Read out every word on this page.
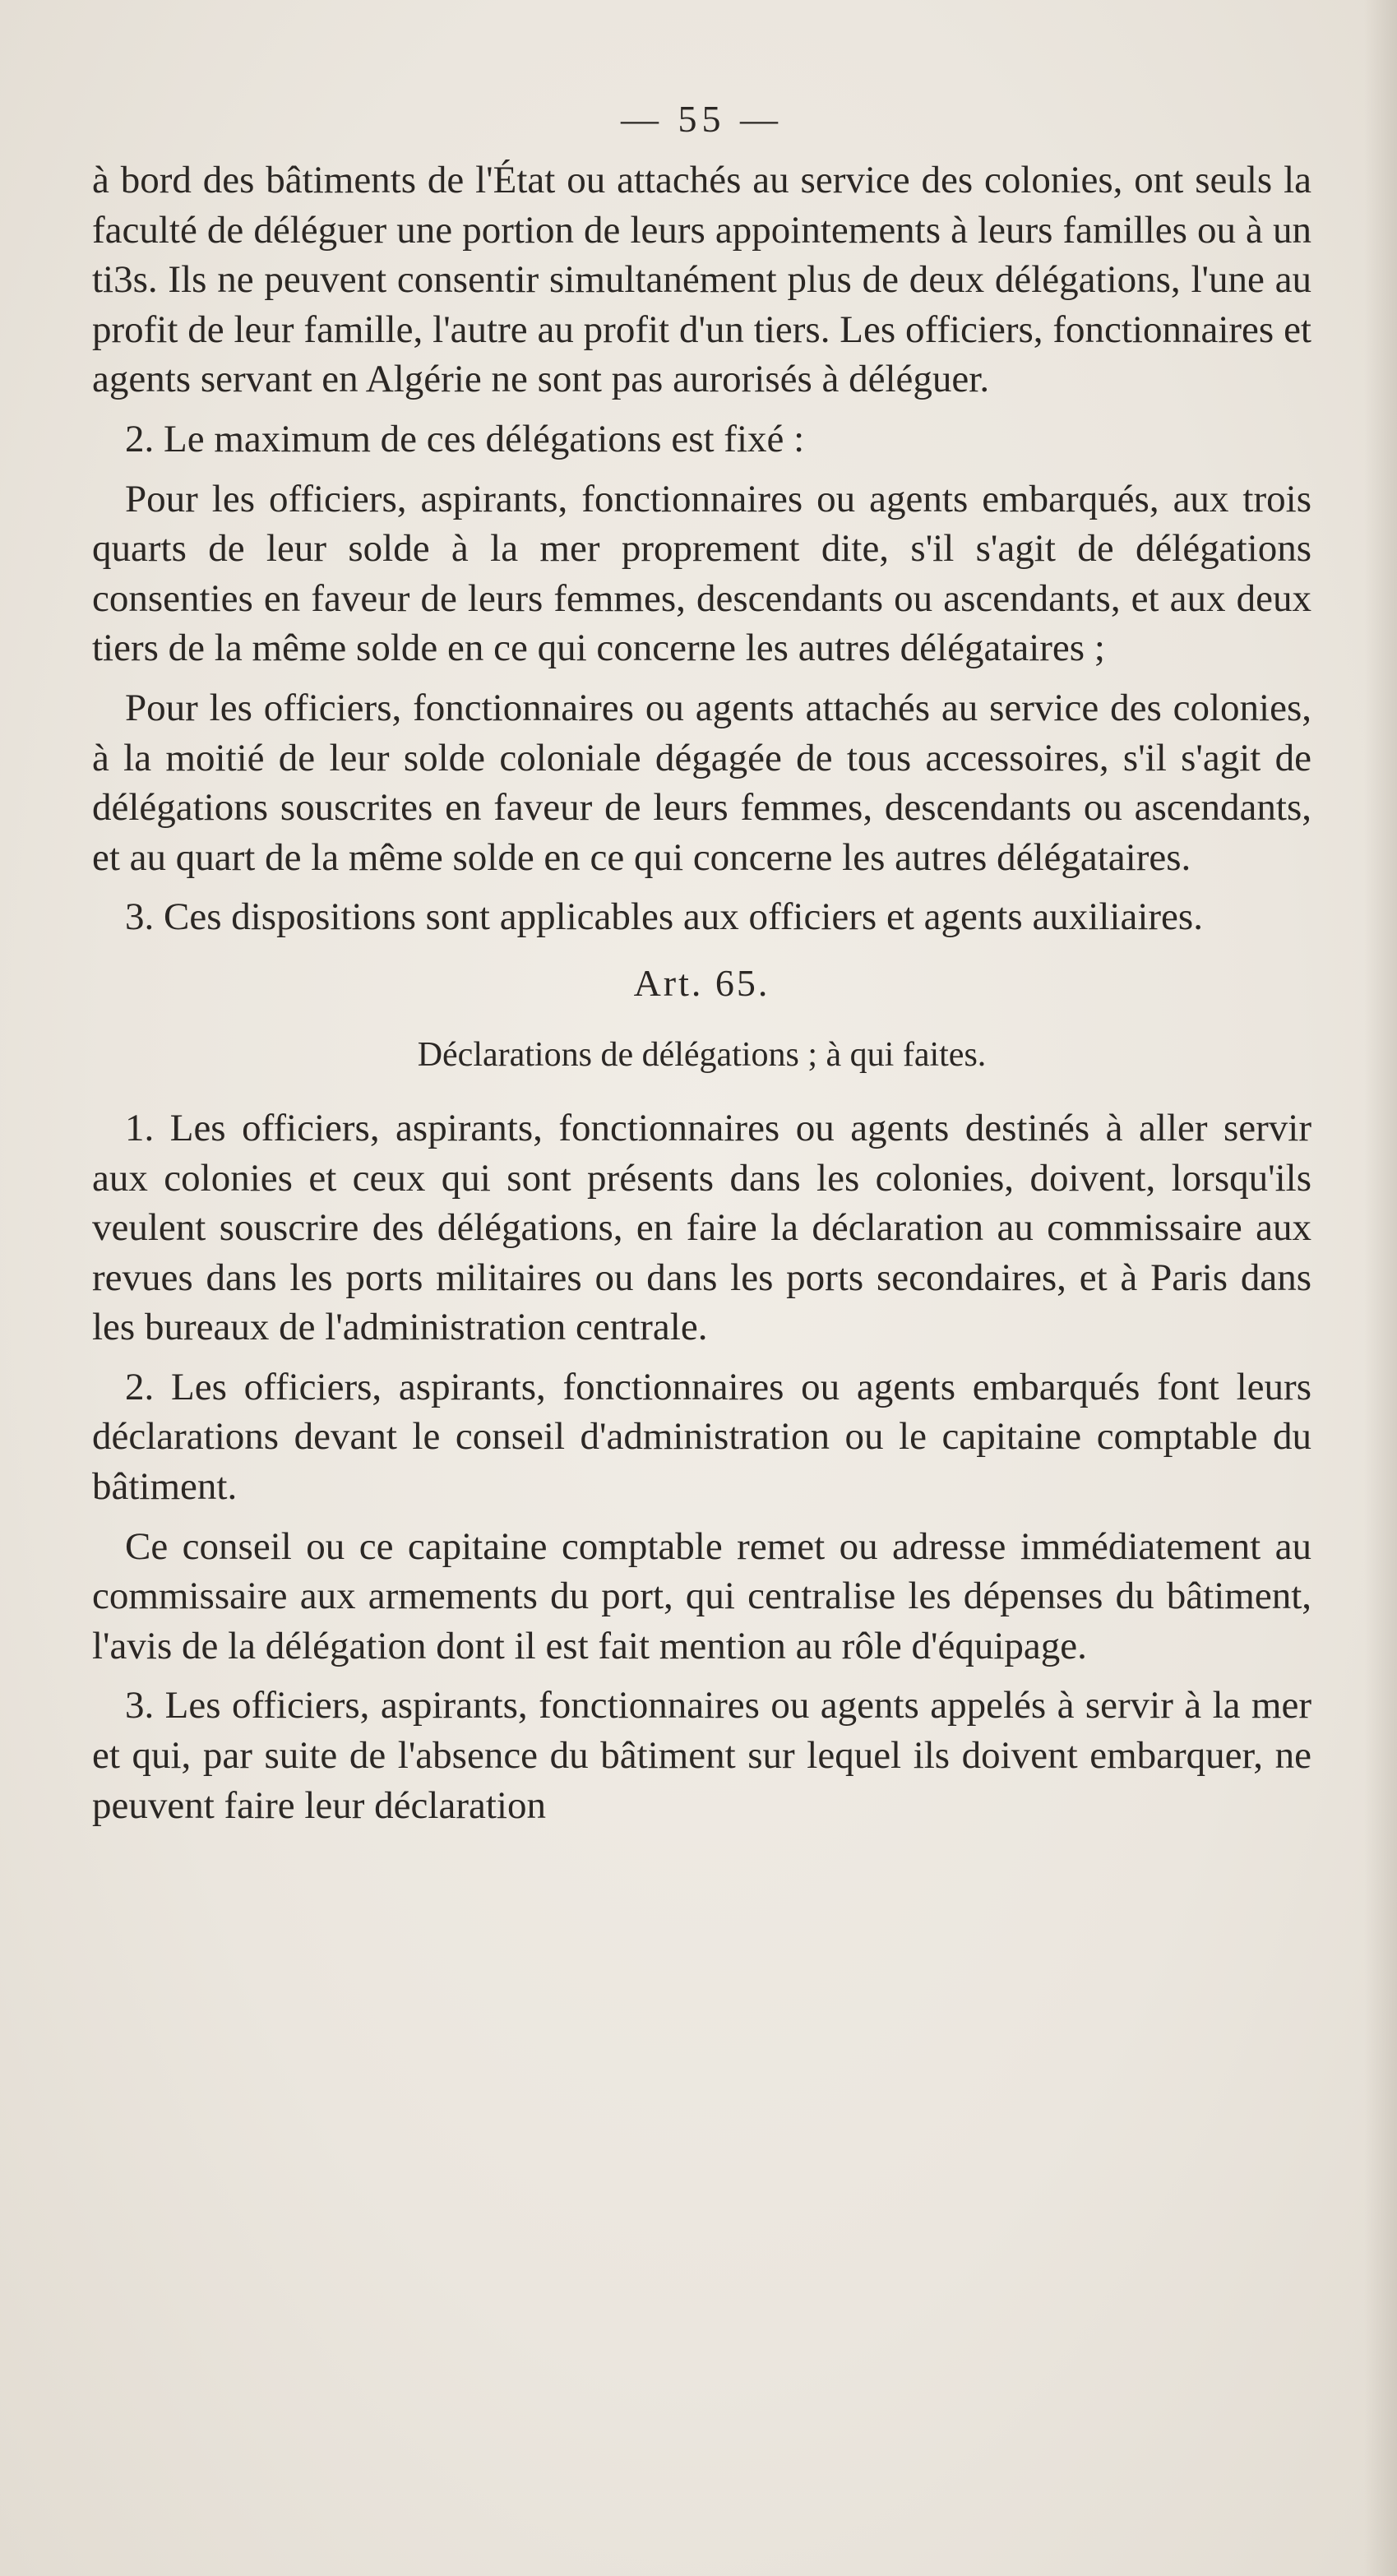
— 55 —

à bord des bâtiments de l'État ou attachés au service des colonies, ont seuls la faculté de déléguer une portion de leurs appointements à leurs familles ou à un ti3s. Ils ne peuvent consentir simultanément plus de deux délégations, l'une au profit de leur famille, l'autre au profit d'un tiers. Les officiers, fonctionnaires et agents servant en Algérie ne sont pas aurorisés à déléguer.

2. Le maximum de ces délégations est fixé :

Pour les officiers, aspirants, fonctionnaires ou agents embarqués, aux trois quarts de leur solde à la mer proprement dite, s'il s'agit de délégations consenties en faveur de leurs femmes, descendants ou ascendants, et aux deux tiers de la même solde en ce qui concerne les autres délégataires ;

Pour les officiers, fonctionnaires ou agents attachés au service des colonies, à la moitié de leur solde coloniale dégagée de tous accessoires, s'il s'agit de délégations souscrites en faveur de leurs femmes, descendants ou ascendants, et au quart de la même solde en ce qui concerne les autres délégataires.

3. Ces dispositions sont applicables aux officiers et agents auxiliaires.

Art. 65.
Déclarations de délégations ; à qui faites.

1. Les officiers, aspirants, fonctionnaires ou agents destinés à aller servir aux colonies et ceux qui sont présents dans les colonies, doivent, lorsqu'ils veulent souscrire des délégations, en faire la déclaration au commissaire aux revues dans les ports militaires ou dans les ports secondaires, et à Paris dans les bureaux de l'administration centrale.

2. Les officiers, aspirants, fonctionnaires ou agents embarqués font leurs déclarations devant le conseil d'administration ou le capitaine comptable du bâtiment.

Ce conseil ou ce capitaine comptable remet ou adresse immédiatement au commissaire aux armements du port, qui centralise les dépenses du bâtiment, l'avis de la délégation dont il est fait mention au rôle d'équipage.

3. Les officiers, aspirants, fonctionnaires ou agents appelés à servir à la mer et qui, par suite de l'absence du bâtiment sur lequel ils doivent embarquer, ne peuvent faire leur déclaration
